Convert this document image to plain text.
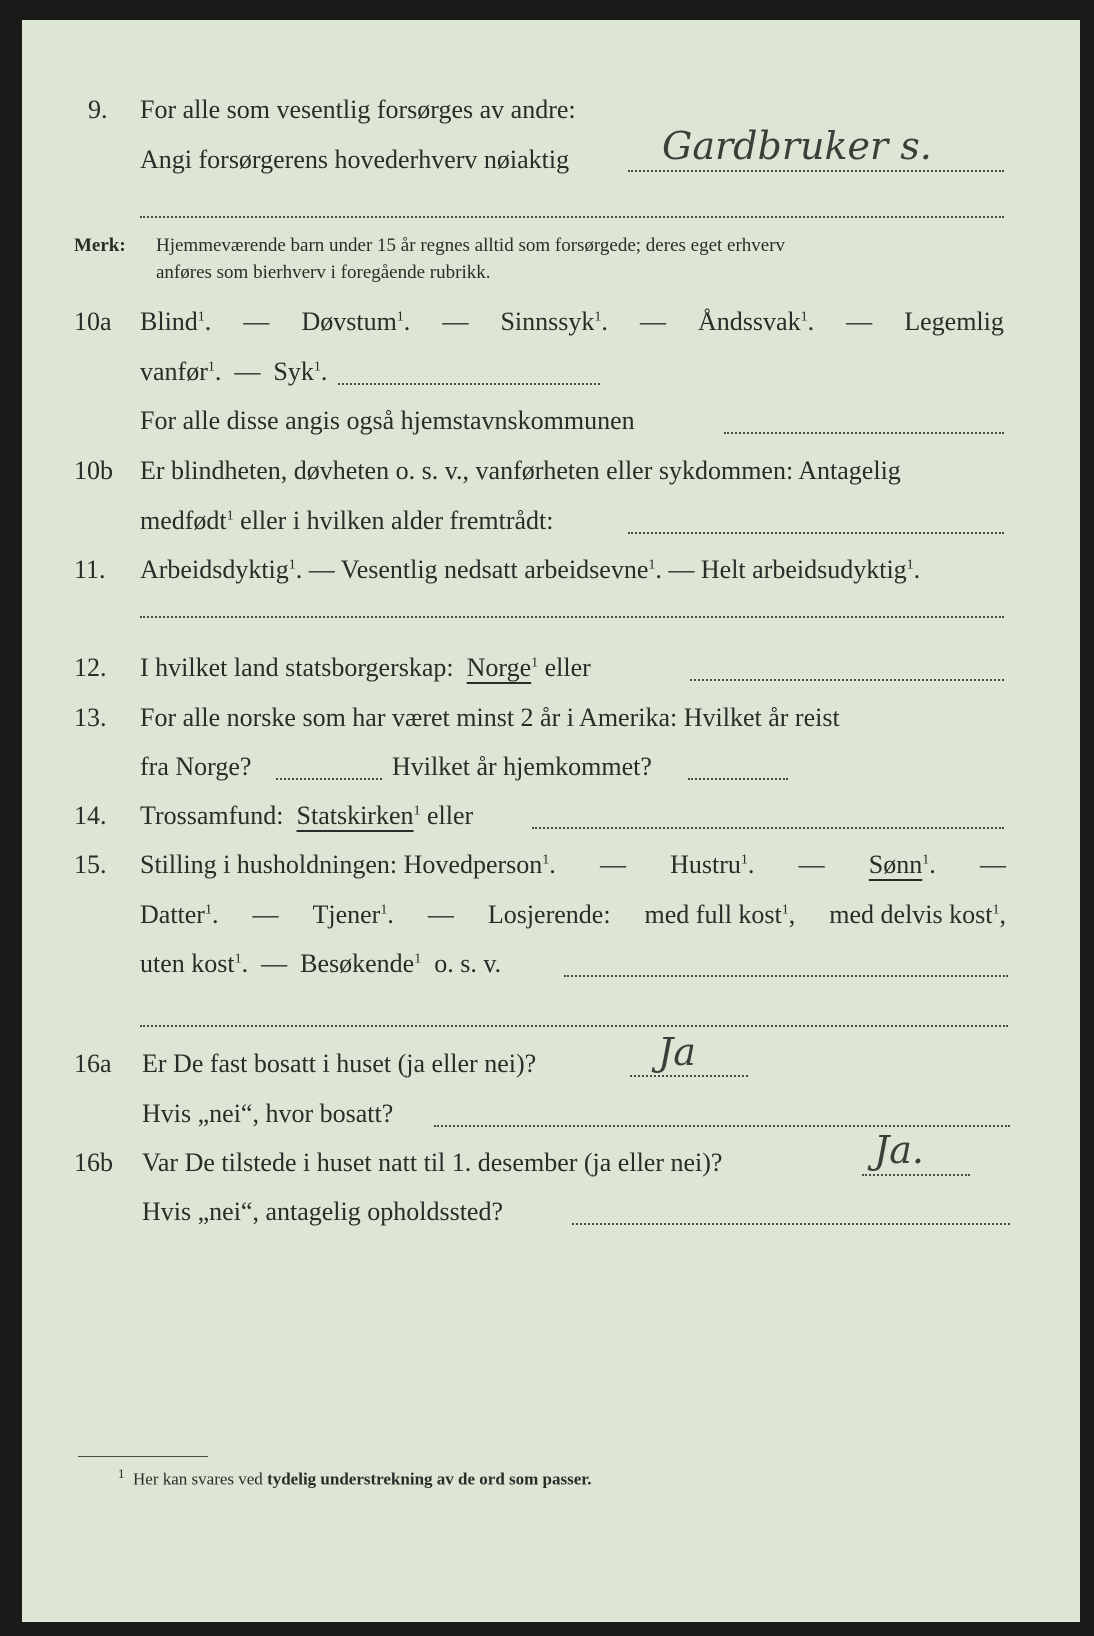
9. For alle som vesentlig forsørges av andre:
Angi forsørgerens hovederhverv nøiaktig Gardbruker s.
Merk: Hjemmeværende barn under 15 år regnes alltid som forsørgede; deres eget erhverv
anføres som bierhverv i foregående rubrikk.
10a Blind$^1$. — Døvstum$^1$. — Sinnssyk$^1$. — Åndssvak$^1$. — Legemlig
vanfør$^1$.  —  Syk$^1$.
For alle disse angis også hjemstavnskommunen
10b Er blindheten, døvheten o. s. v., vanførheten eller sykdommen: Antagelig
medfødt$^1$ eller i hvilken alder fremtrådt:
11. Arbeidsdyktig$^1$. — Vesentlig nedsatt arbeidsevne$^1$. — Helt arbeidsudyktig$^1$.
12. I hvilket land statsborgerskap: Norge$^1$ eller
13. For alle norske som har været minst 2 år i Amerika: Hvilket år reist
fra Norge?	Hvilket år hjemkommet?
14. Trossamfund: Statskirken$^1$ eller
15. Stilling i husholdningen: Hovedperson$^1$. — Hustru$^1$. — Sønn$^1$. —
Datter$^1$. — Tjener$^1$. — Losjerende: med full kost$^1$, med delvis kost$^1$,
uten kost$^1$.  —  Besøkende$^1$ o. s. v.
16a Er De fast bosatt i huset (ja eller nei)?	Ja
Hvis „nei“, hvor bosatt?
16b Var De tilstede i huset natt til 1. desember (ja eller nei)?	Ja.
Hvis „nei“, antagelig opholdssted?
$^1$ Her kan svares ved tydelig understrekning av de ord som passer.
